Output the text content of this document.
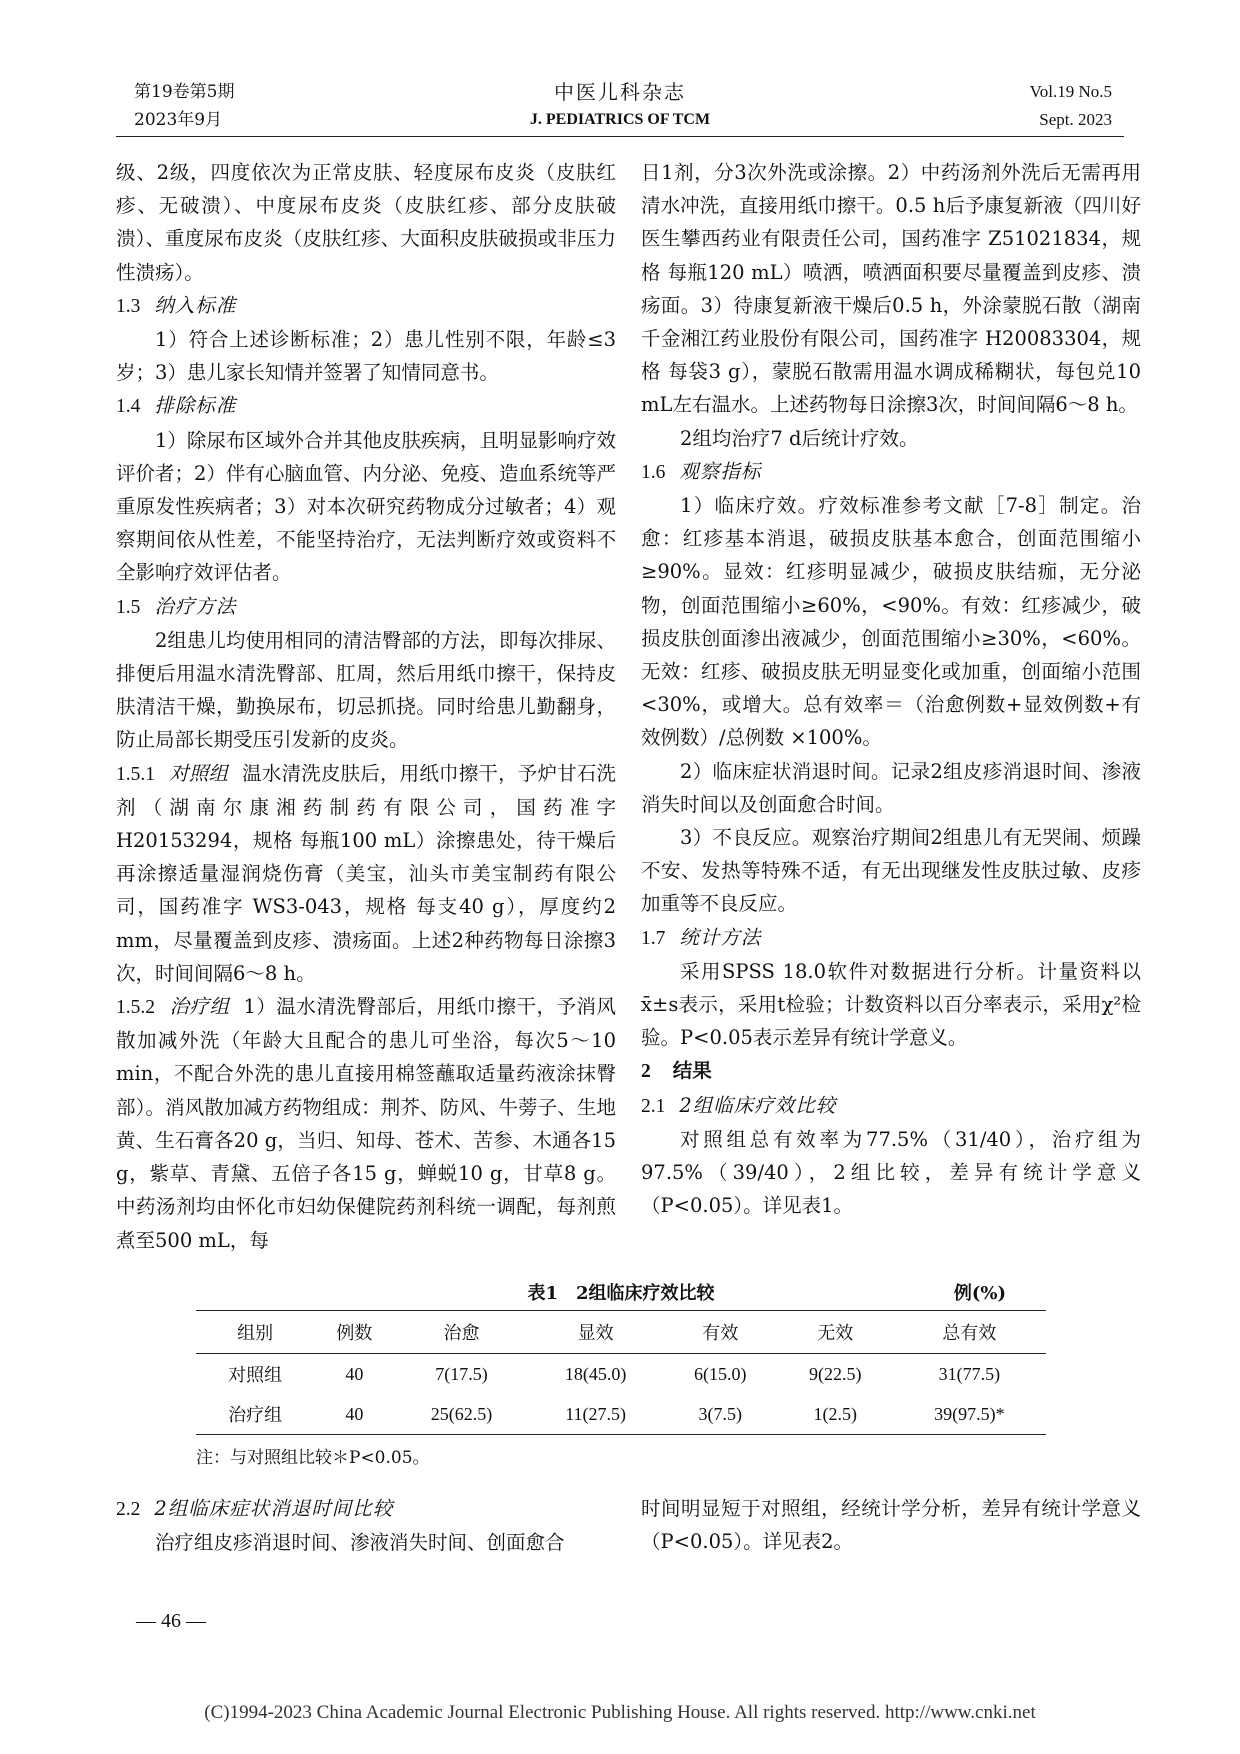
第19卷第5期
2023年9月
中医儿科杂志
J. PEDIATRICS OF TCM
Vol.19 No.5
Sept. 2023

级、2级，四度依次为正常皮肤、轻度尿布皮炎（皮肤红疹、无破溃）、中度尿布皮炎（皮肤红疹、部分皮肤破溃）、重度尿布皮炎（皮肤红疹、大面积皮肤破损或非压力性溃疡）。

1.3 纳入标准

1）符合上述诊断标准；2）患儿性别不限，年龄≤3岁；3）患儿家长知情并签署了知情同意书。

1.4 排除标准

1）除尿布区域外合并其他皮肤疾病，且明显影响疗效评价者；2）伴有心脑血管、内分泌、免疫、造血系统等严重原发性疾病者；3）对本次研究药物成分过敏者；4）观察期间依从性差，不能坚持治疗，无法判断疗效或资料不全影响疗效评估者。

1.5 治疗方法

2组患儿均使用相同的清洁臀部的方法，即每次排尿、排便后用温水清洗臀部、肛周，然后用纸巾擦干，保持皮肤清洁干燥，勤换尿布，切忌抓挠。同时给患儿勤翻身，防止局部长期受压引发新的皮炎。

1.5.1 对照组 温水清洗皮肤后，用纸巾擦干，予炉甘石洗剂（湖南尔康湘药制药有限公司，国药准字H20153294，规格 每瓶100 mL）涂擦患处，待干燥后再涂擦适量湿润烧伤膏（美宝，汕头市美宝制药有限公司，国药准字 WS3-043，规格 每支40 g），厚度约2 mm，尽量覆盖到皮疹、溃疡面。上述2种药物每日涂擦3次，时间间隔6～8 h。

1.5.2 治疗组 1）温水清洗臀部后，用纸巾擦干，予消风散加减外洗（年龄大且配合的患儿可坐浴，每次5～10 min，不配合外洗的患儿直接用棉签蘸取适量药液涂抹臀部）。消风散加减方药物组成：荆芥、防风、牛蒡子、生地黄、生石膏各20 g，当归、知母、苍术、苦参、木通各15 g，紫草、青黛、五倍子各15 g，蝉蜕10 g，甘草8 g。中药汤剂均由怀化市妇幼保健院药剂科统一调配，每剂煎煮至500 mL，每

日1剂，分3次外洗或涂擦。2）中药汤剂外洗后无需再用清水冲洗，直接用纸巾擦干。0.5 h后予康复新液（四川好医生攀西药业有限责任公司，国药准字 Z51021834，规格 每瓶120 mL）喷洒，喷洒面积要尽量覆盖到皮疹、溃疡面。3）待康复新液干燥后0.5 h，外涂蒙脱石散（湖南千金湘江药业股份有限公司，国药准字 H20083304，规格 每袋3 g），蒙脱石散需用温水调成稀糊状，每包兑10 mL左右温水。上述药物每日涂擦3次，时间间隔6～8 h。

2组均治疗7 d后统计疗效。

1.6 观察指标

1）临床疗效。疗效标准参考文献［7-8］制定。治愈：红疹基本消退，破损皮肤基本愈合，创面范围缩小≥90%。显效：红疹明显减少，破损皮肤结痂，无分泌物，创面范围缩小≥60%，<90%。有效：红疹减少，破损皮肤创面渗出液减少，创面范围缩小≥30%，<60%。无效：红疹、破损皮肤无明显变化或加重，创面缩小范围<30%，或增大。总有效率＝（治愈例数+显效例数+有效例数）/总例数 ×100%。

2）临床症状消退时间。记录2组皮疹消退时间、渗液消失时间以及创面愈合时间。

3）不良反应。观察治疗期间2组患儿有无哭闹、烦躁不安、发热等特殊不适，有无出现继发性皮肤过敏、皮疹加重等不良反应。

1.7 统计方法

采用SPSS 18.0软件对数据进行分析。计量资料以x̄±s表示，采用t检验；计数资料以百分率表示，采用χ²检验。P<0.05表示差异有统计学意义。

2 结果
2.1 2组临床疗效比较

对照组总有效率为77.5%（31/40），治疗组为97.5%（39/40），2组比较，差异有统计学意义（P<0.05）。详见表1。

表1　2组临床疗效比较	例(%)
组别	例数	治愈	显效	有效	无效	总有效
对照组	40	7(17.5)	18(45.0)	6(15.0)	9(22.5)	31(77.5)
治疗组	40	25(62.5)	11(27.5)	3(7.5)	1(2.5)	39(97.5)*
注：与对照组比较＊P<0.05。
2.2 2组临床症状消退时间比较

治疗组皮疹消退时间、渗液消失时间、创面愈合

时间明显短于对照组，经统计学分析，差异有统计学意义（P<0.05）。详见表2。

— 46 —
(C)1994-2023 China Academic Journal Electronic Publishing House. All rights reserved. http://www.cnki.net
